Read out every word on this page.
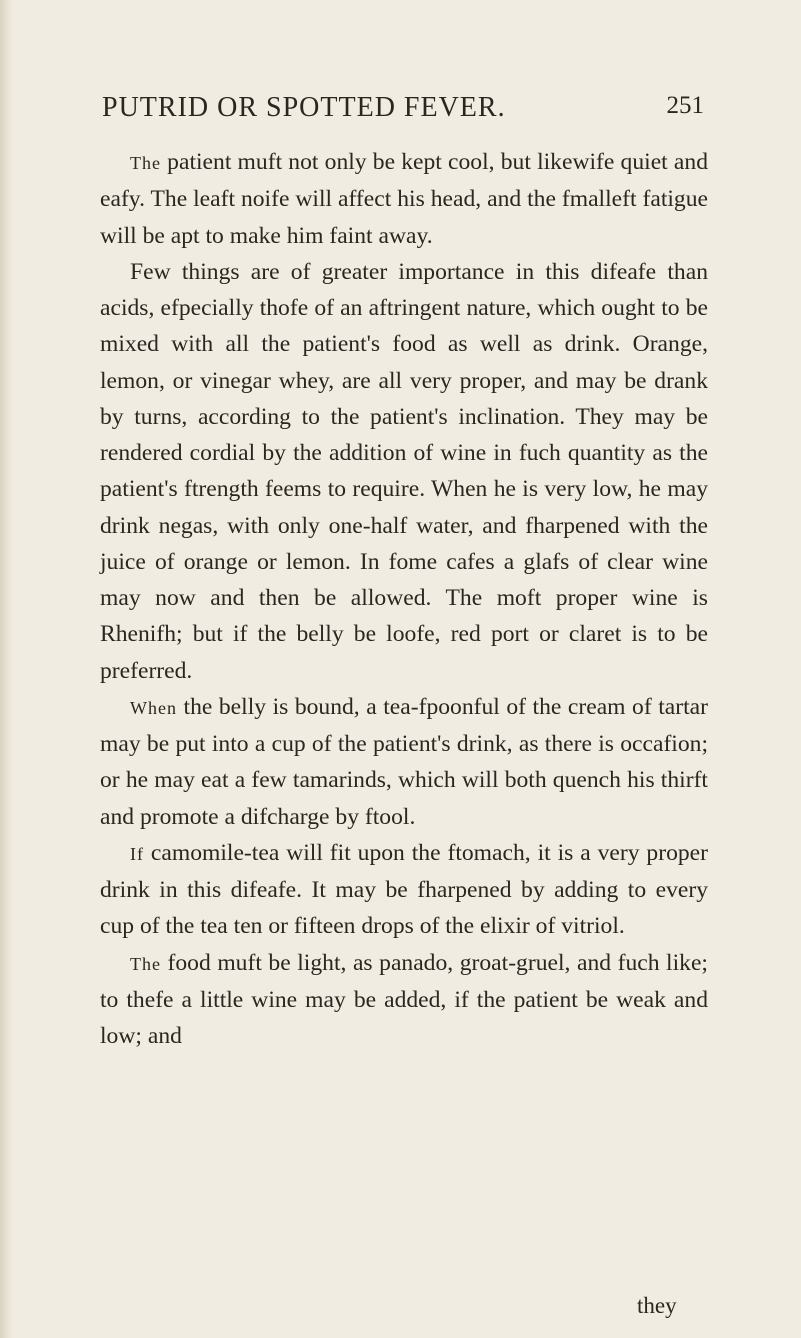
PUTRID OR SPOTTED FEVER.	251

The patient muft not only be kept cool, but likewife quiet and eafy. The leaft noife will affect his head, and the fmalleft fatigue will be apt to make him faint away.

Few things are of greater importance in this difeafe than acids, efpecially thofe of an aftringent nature, which ought to be mixed with all the patient's food as well as drink. Orange, lemon, or vinegar whey, are all very proper, and may be drank by turns, according to the patient's inclination. They may be rendered cordial by the addition of wine in fuch quantity as the patient's ftrength feems to require. When he is very low, he may drink negas, with only one-half water, and fharpened with the juice of orange or lemon. In fome cafes a glafs of clear wine may now and then be allowed. The moft proper wine is Rhenifh; but if the belly be loofe, red port or claret is to be preferred.

When the belly is bound, a tea-fpoonful of the cream of tartar may be put into a cup of the patient's drink, as there is occafion; or he may eat a few tamarinds, which will both quench his thirft and promote a difcharge by ftool.

If camomile-tea will fit upon the ftomach, it is a very proper drink in this difeafe. It may be fharpened by adding to every cup of the tea ten or fifteen drops of the elixir of vitriol.

The food muft be light, as panado, groat-gruel, and fuch like; to thefe a little wine may be added, if the patient be weak and low; and

they
